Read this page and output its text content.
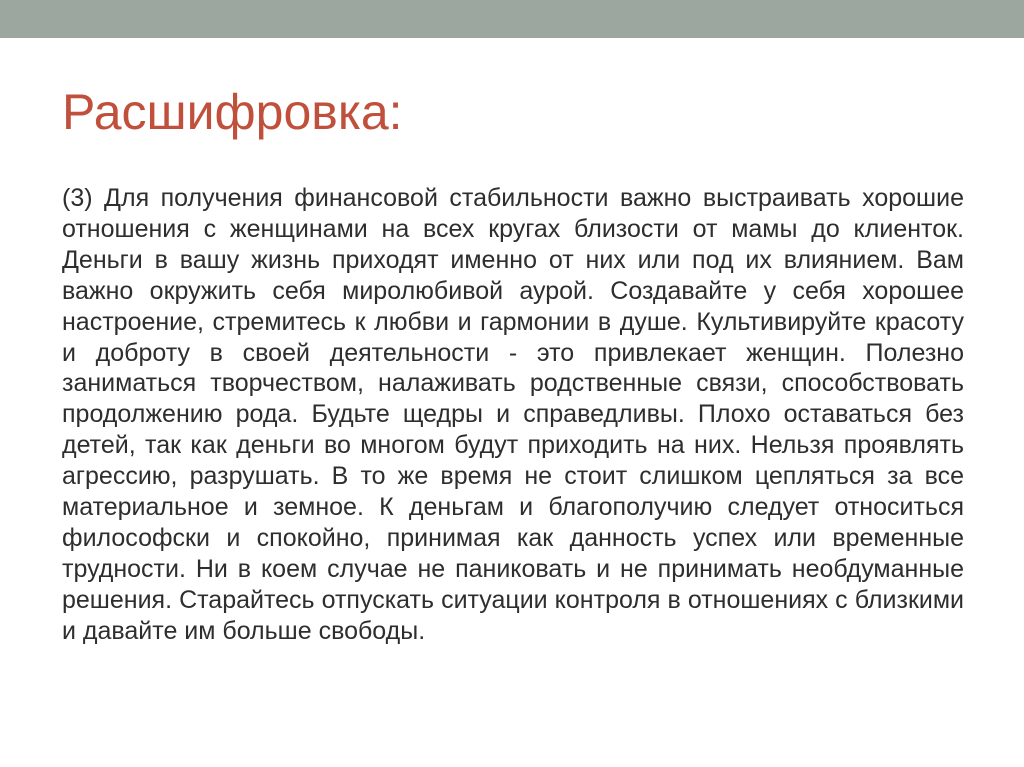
Расшифровка:

(3) Для получения финансовой стабильности важно выстраивать хорошие отношения с женщинами на всех кругах близости от мамы до клиенток. Деньги в вашу жизнь приходят именно от них или под их влиянием. Вам важно окружить себя миролюбивой аурой. Создавайте у себя хорошее настроение, стремитесь к любви и гармонии в душе. Культивируйте красоту и доброту в своей деятельности - это привлекает женщин. Полезно заниматься творчеством, налаживать родственные связи, способствовать продолжению рода. Будьте щедры и справедливы. Плохо оставаться без детей, так как деньги во многом будут приходить на них. Нельзя проявлять агрессию, разрушать. В то же время не стоит слишком цепляться за все материальное и земное. К деньгам и благополучию следует относиться философски и спокойно, принимая как данность успех или временные трудности. Ни в коем случае не паниковать и не принимать необдуманные решения. Старайтесь отпускать ситуации контроля в отношениях с близкими и давайте им больше свободы.
